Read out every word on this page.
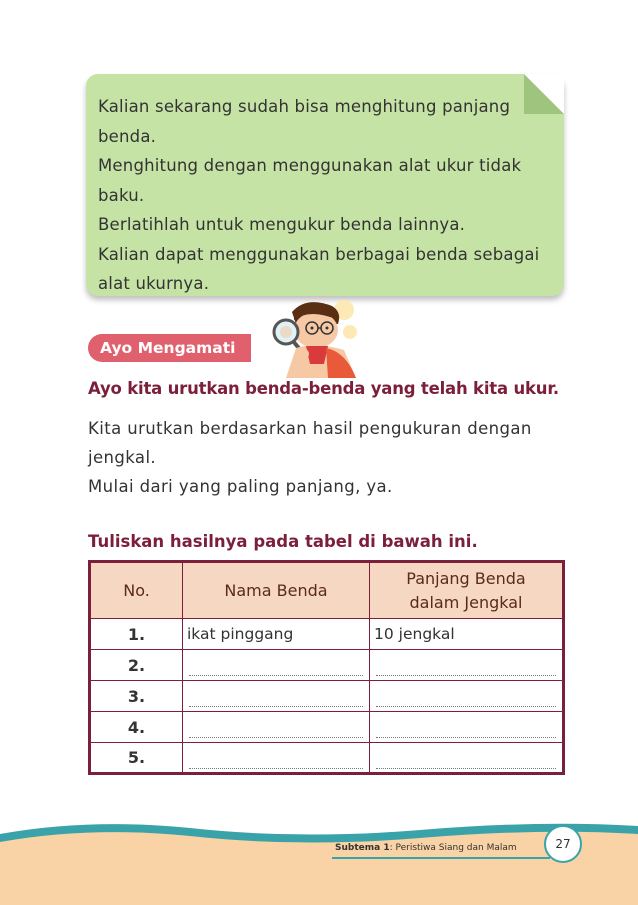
Kalian sekarang sudah bisa menghitung panjang benda.

Menghitung dengan menggunakan alat ukur tidak baku.

Berlatihlah untuk mengukur benda lainnya.

Kalian dapat menggunakan berbagai benda sebagai alat ukurnya.

Ayo Mengamati
Ayo kita urutkan benda-benda yang telah kita ukur.
Kita urutkan berdasarkan hasil pengukuran dengan jengkal.
Mulai dari yang paling panjang, ya.
Tuliskan hasilnya pada tabel di bawah ini.
No.	Nama Benda	Panjang Benda dalam Jengkal
1.	ikat pinggang	10 jengkal
2.	

3.	

4.	

5.	

Subtema 1: Peristiwa Siang dan Malam	27
